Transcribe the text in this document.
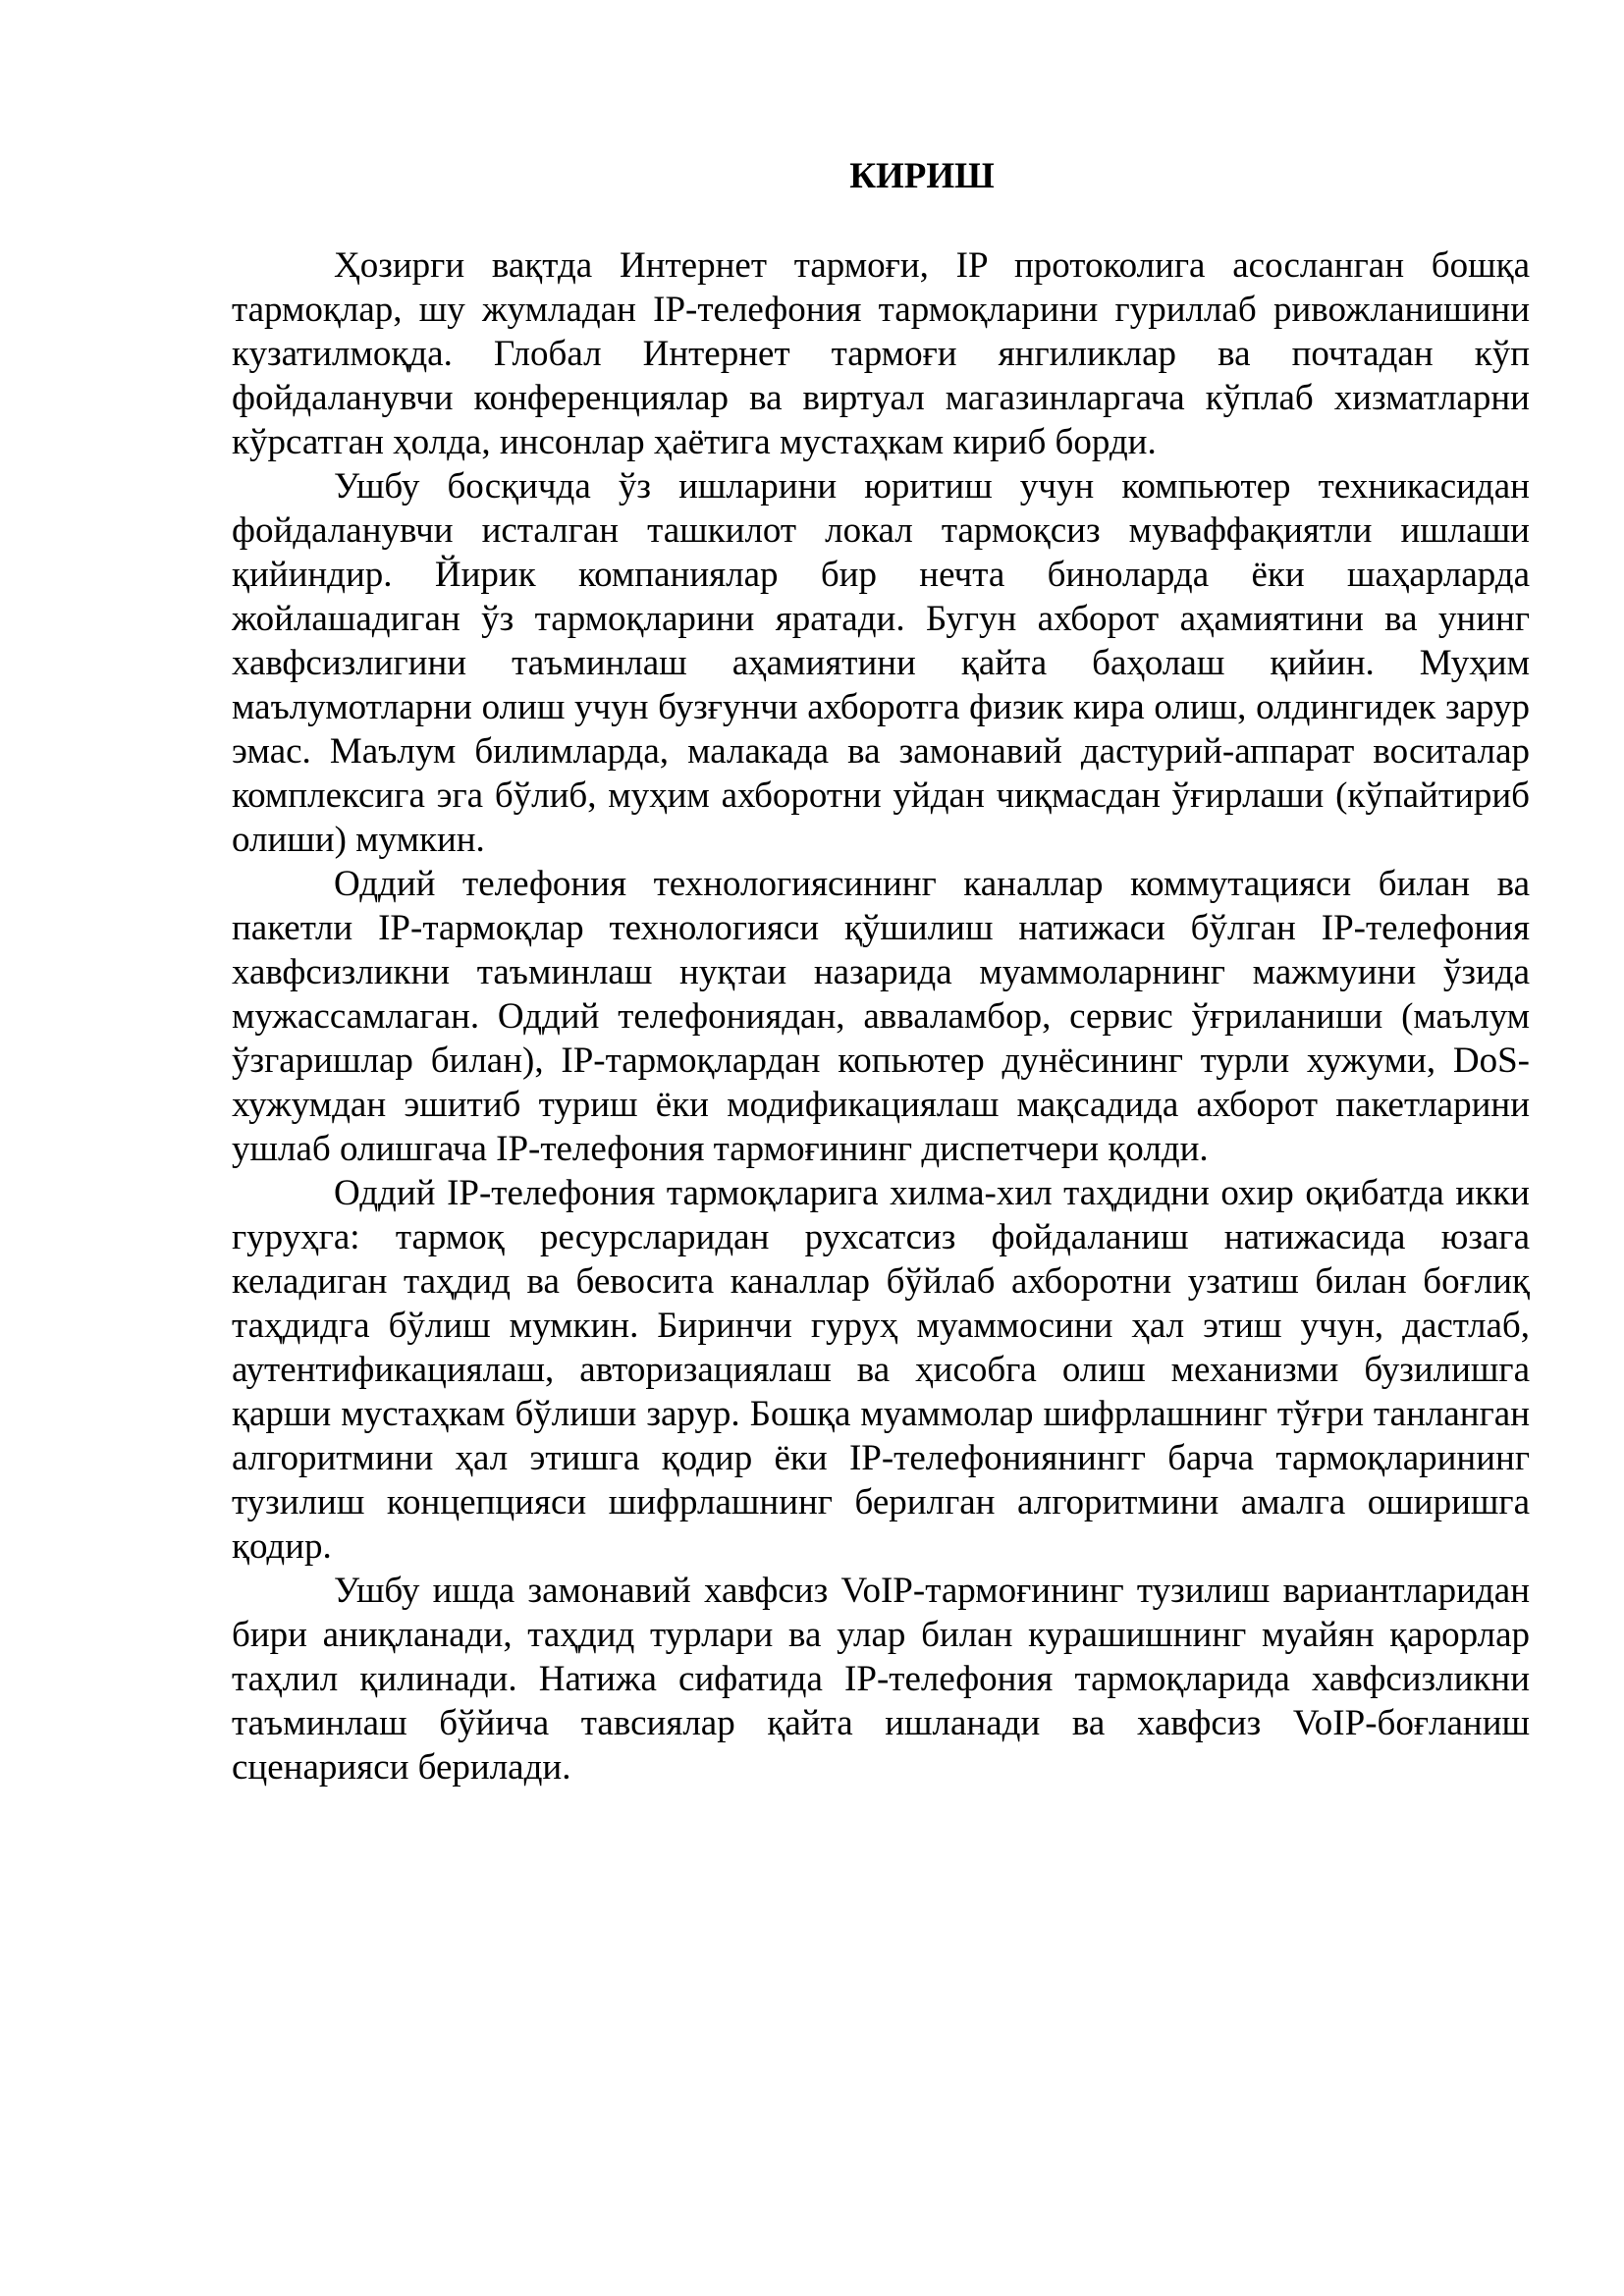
КИРИШ

Ҳозирги вақтда Интернет тармоғи, IP протоколига асосланган бошқа тармоқлар, шу жумладан IP-телефония тармоқларини гуриллаб ривожланишини кузатилмоқда. Глобал Интернет тармоғи янгиликлар ва почтадан кўп фойдаланувчи конференциялар ва виртуал магазинларгача кўплаб хизматларни кўрсатган ҳолда, инсонлар ҳаётига мустаҳкам кириб борди.

Ушбу босқичда ўз ишларини юритиш учун компьютер техникасидан фойдаланувчи исталган ташкилот локал тармоқсиз муваффақиятли ишлаши қийиндир. Йирик компаниялар бир нечта биноларда ёки шаҳарларда жойлашадиган ўз тармоқларини яратади. Бугун ахборот аҳамиятини ва унинг хавфсизлигини таъминлаш аҳамиятини қайта баҳолаш қийин. Муҳим маълумотларни олиш учун бузғунчи ахборотга физик кира олиш, олдингидек зарур эмас. Маълум билимларда, малакада ва замонавий дастурий-аппарат воситалар комплексига эга бўлиб, муҳим ахборотни уйдан чиқмасдан ўғирлаши (кўпайтириб олиши) мумкин.

Оддий телефония технологиясининг каналлар коммутацияси билан ва пакетли IP-тармоқлар технологияси қўшилиш натижаси бўлган IP-телефония хавфсизликни таъминлаш нуқтаи назарида муаммоларнинг мажмуини ўзида мужассамлаган. Оддий телефониядан, авваламбор, сервис ўғриланиши (маълум ўзгаришлар билан), IP-тармоқлардан копьютер дунёсининг турли хужуми, DoS-хужумдан эшитиб туриш ёки модификациялаш мақсадида ахборот пакетларини ушлаб олишгача IP-телефония тармоғининг диспетчери қолди.

Оддий IP-телефония тармоқларига хилма-хил таҳдидни охир оқибатда икки гуруҳга: тармоқ ресурсларидан рухсатсиз фойдаланиш натижасида юзага келадиган таҳдид ва бевосита каналлар бўйлаб ахборотни узатиш билан боғлиқ таҳдидга бўлиш мумкин. Биринчи гуруҳ муаммосини ҳал этиш учун, дастлаб, аутентификациялаш, авторизациялаш ва ҳисобга олиш механизми бузилишга қарши мустаҳкам бўлиши зарур. Бошқа муаммолар шифрлашнинг тўғри танланган алгоритмини ҳал этишга қодир ёки IP-телефониянингг барча тармоқларининг тузилиш концепцияси шифрлашнинг берилган алгоритмини амалга оширишга қодир.

Ушбу ишда замонавий хавфсиз VoIP-тармоғининг тузилиш вариантларидан бири аниқланади, таҳдид турлари ва улар билан курашишнинг муайян қарорлар таҳлил қилинади. Натижа сифатида IP-телефония тармоқларида хавфсизликни таъминлаш бўйича тавсиялар қайта ишланади ва хавфсиз VoIP-боғланиш сценарияси берилади.
